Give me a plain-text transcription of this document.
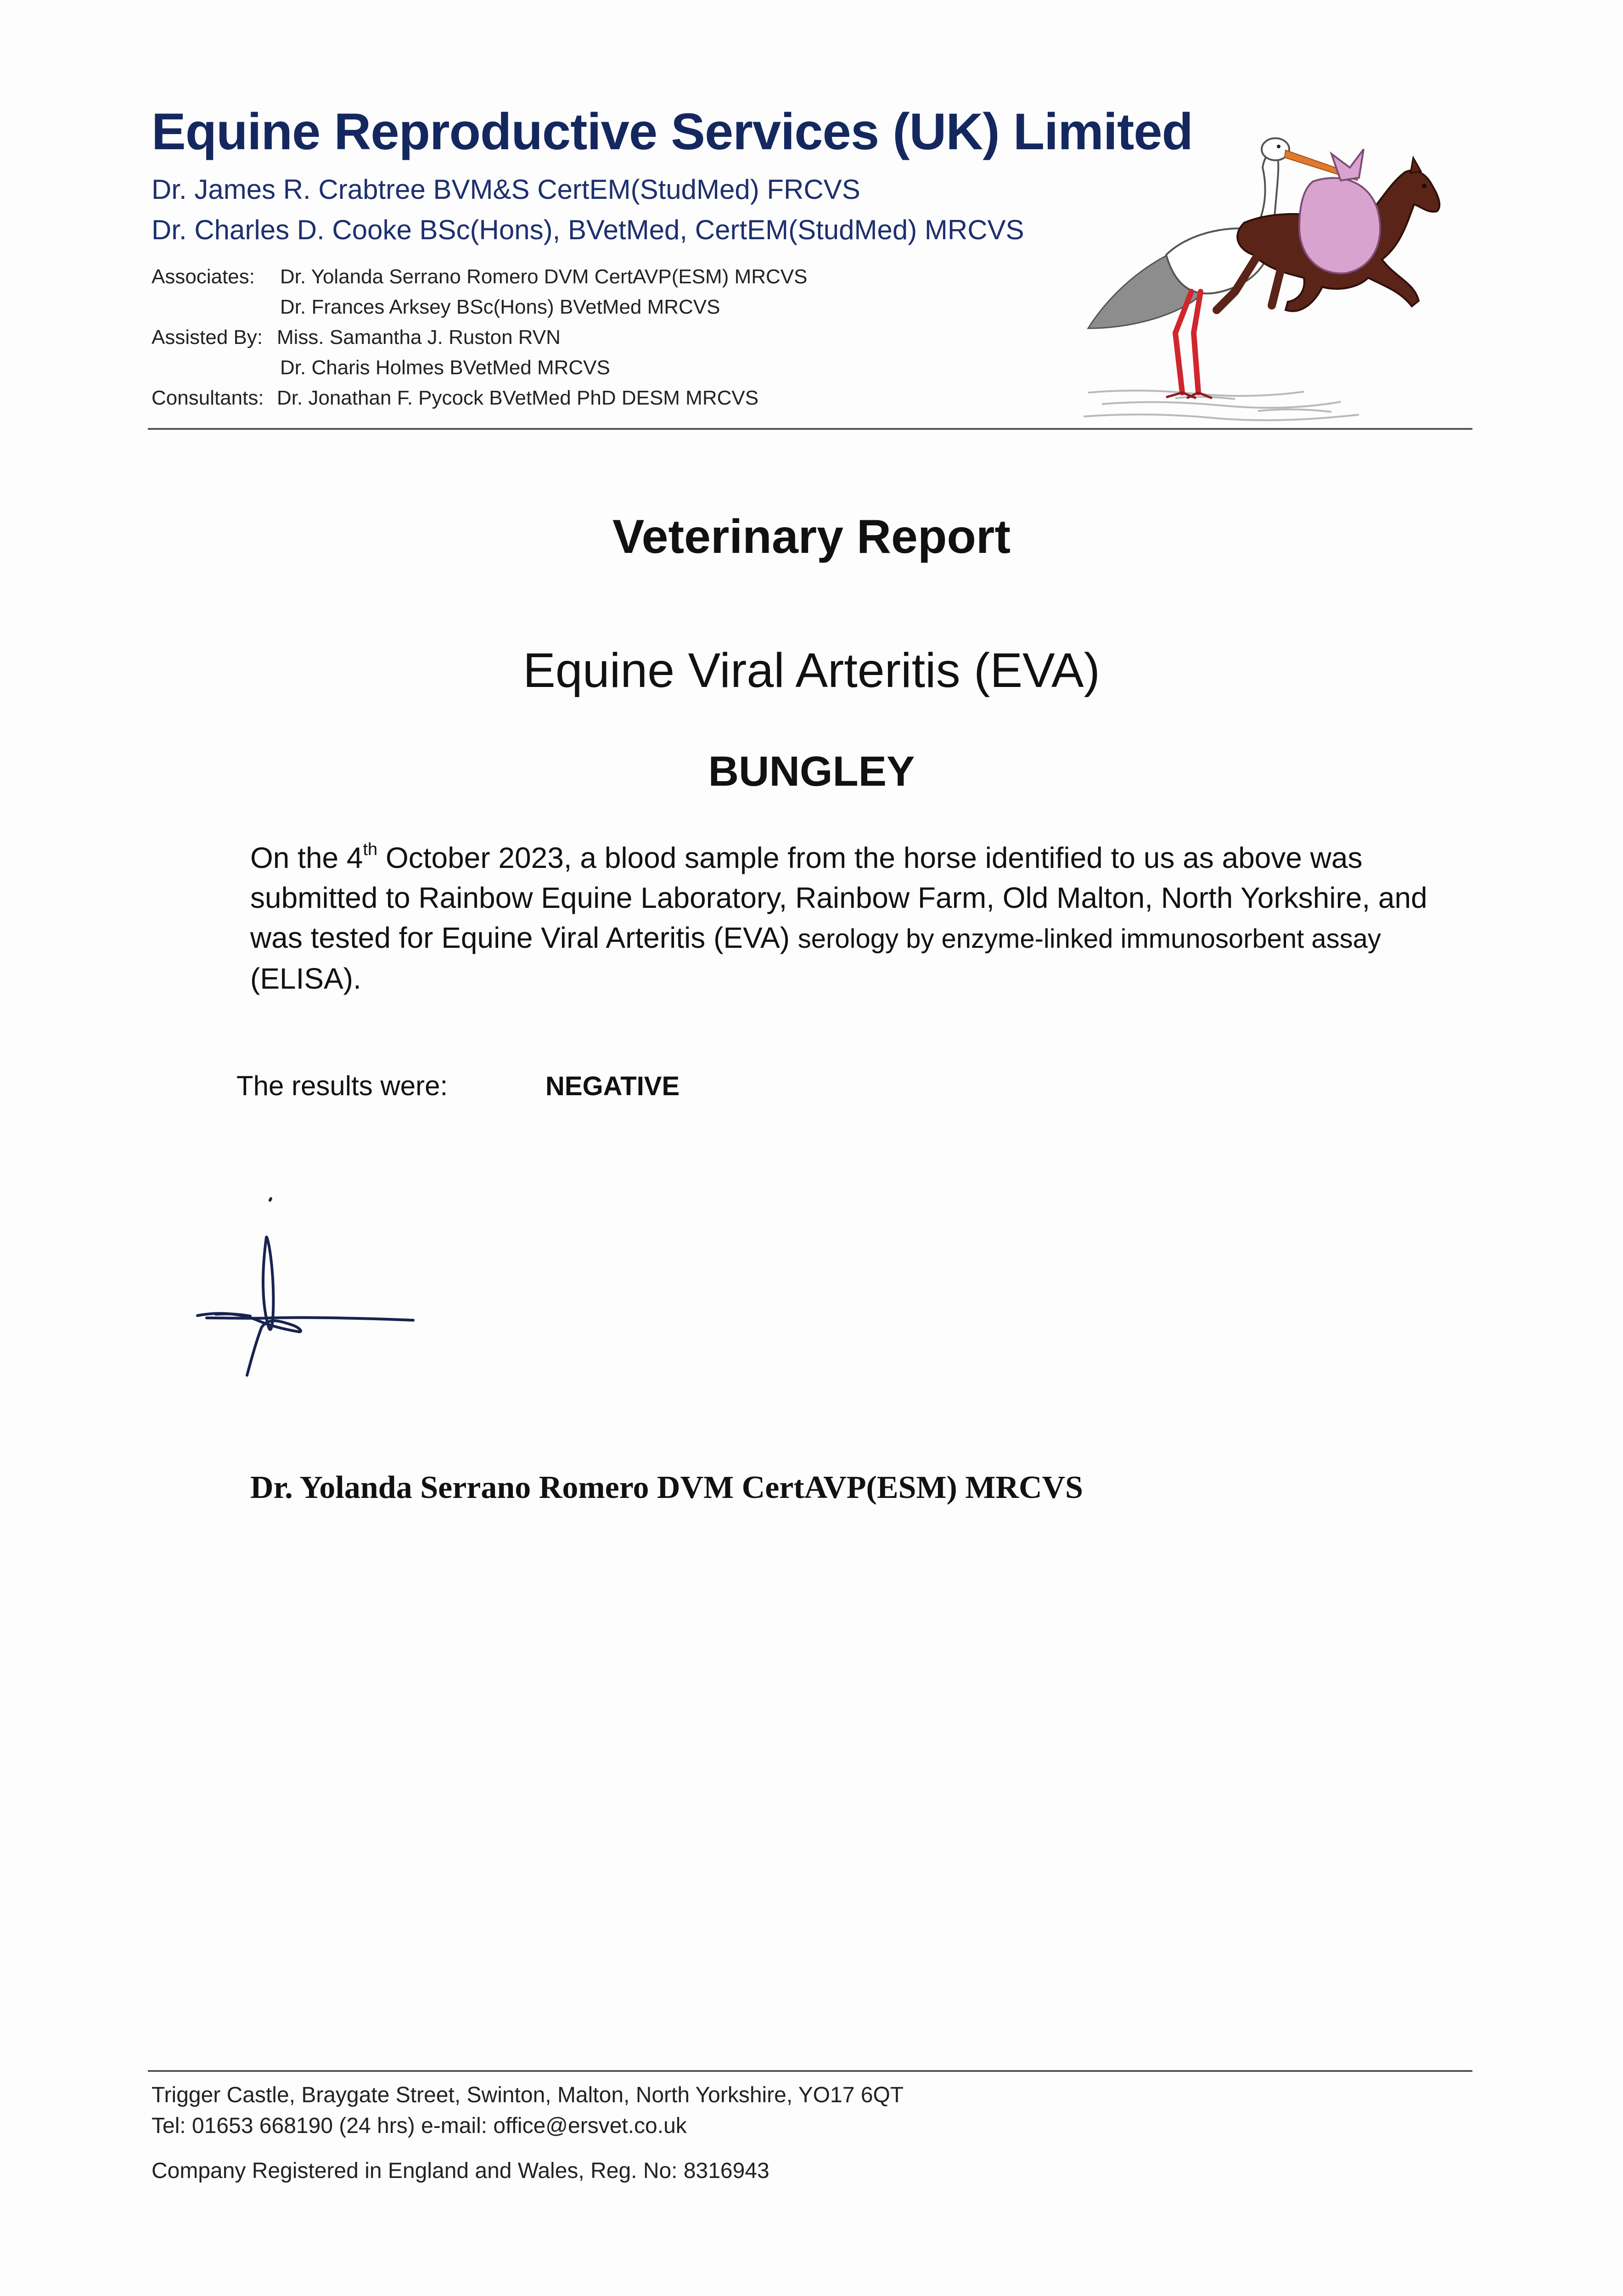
Equine Reproductive Services (UK) Limited
Dr. James R. Crabtree BVM&S CertEM(StudMed) FRCVS
Dr. Charles D. Cooke BSc(Hons), BVetMed, CertEM(StudMed) MRCVS
Associates: Dr. Yolanda Serrano Romero DVM CertAVP(ESM) MRCVS
Dr. Frances Arksey BSc(Hons) BVetMed MRCVS
Assisted By: Miss. Samantha J. Ruston RVN
Dr. Charis Holmes BVetMed MRCVS
Consultants: Dr. Jonathan F. Pycock BVetMed PhD DESM MRCVS
Veterinary Report
Equine Viral Arteritis (EVA)
BUNGLEY
On the 4th October 2023, a blood sample from the horse identified to us as above was submitted to Rainbow Equine Laboratory, Rainbow Farm, Old Malton, North Yorkshire, and was tested for Equine Viral Arteritis (EVA) serology by enzyme-linked immunosorbent assay (ELISA).
The results were:	NEGATIVE
Dr. Yolanda Serrano Romero DVM CertAVP(ESM) MRCVS
Trigger Castle, Braygate Street, Swinton, Malton, North Yorkshire, YO17 6QT
Tel: 01653 668190 (24 hrs) e-mail: office@ersvet.co.uk
Company Registered in England and Wales, Reg. No: 8316943
